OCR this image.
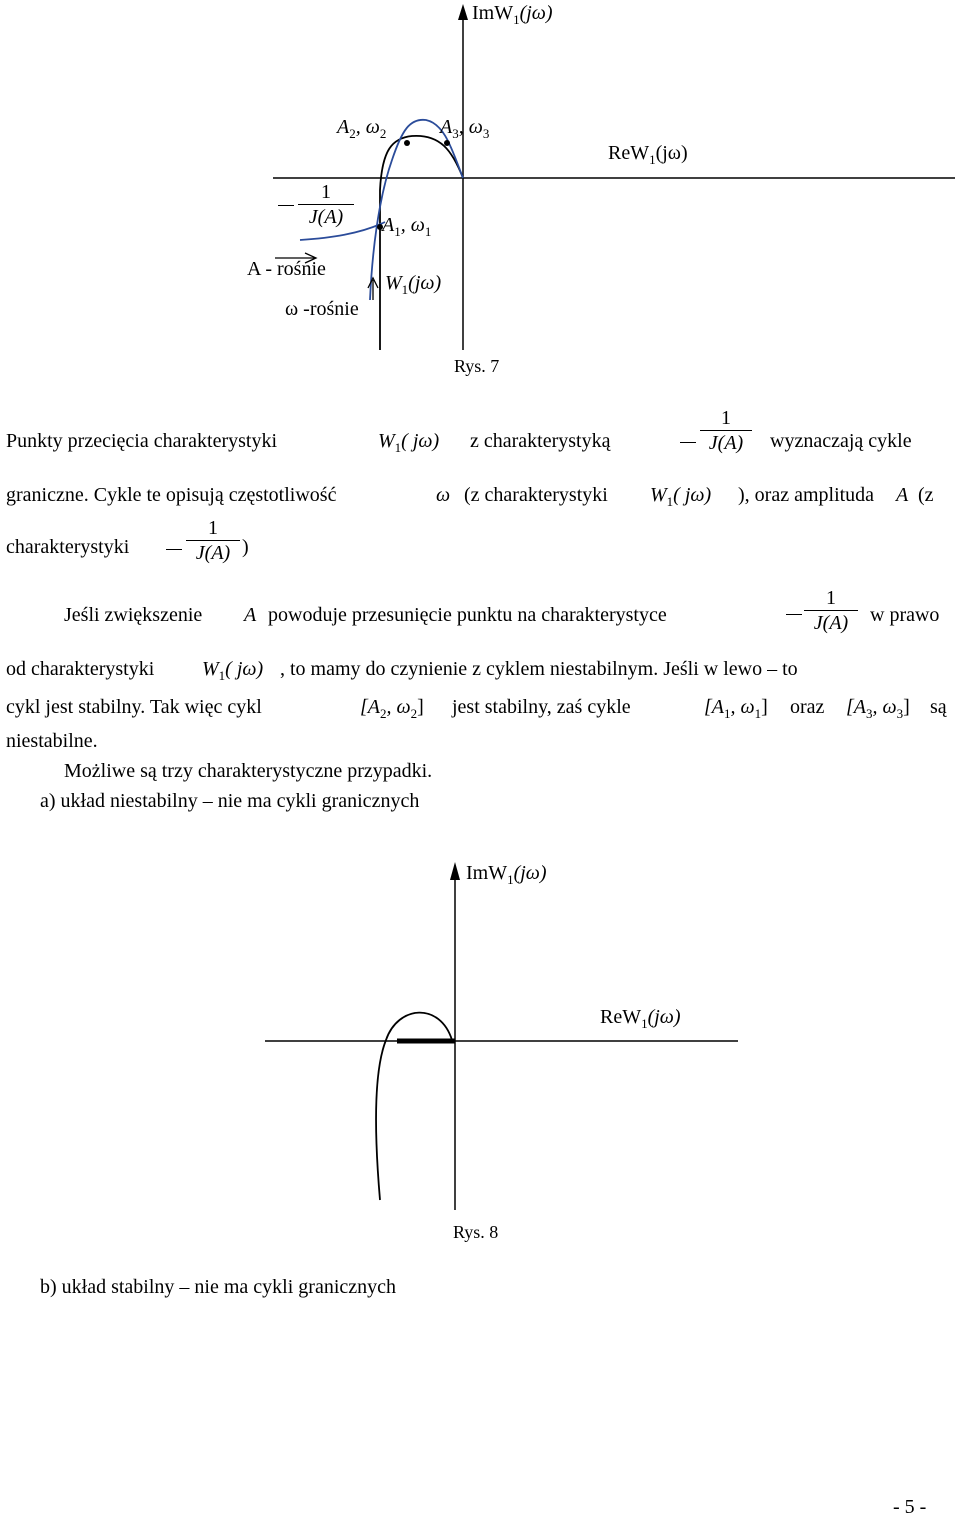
ImW$_1$(jω)
ReW$_1$(jω)
$A_2$, $\omega_2$	$A_3$, $\omega_3$
$A_1$, $\omega_1$
1
J(A)
A - rośnie
ω -rośnie
$W_1(j\omega)$
Rys. 7
Punkty przecięcia charakterystyki	$W_1$( jω) z charakterystyką
1
J(A)	wyznaczają cykle
graniczne. Cykle te opisują częstotliwość	ω (z charakterystyki $W_1$( jω) ), oraz amplituda A (z
charakterystyki
1
J(A) )
Jeśli zwiększenie A powoduje przesunięcie punktu na charakterystyce
1
J(A)	w prawo
od charakterystyki $W_1$( jω) , to mamy do czynienie z cyklem niestabilnym. Jeśli w lewo – to
cykl jest stabilny. Tak więc cykl	[$A_2$, $\omega_2$] jest stabilny, zaś cykle	[$A_1$, $\omega_1$] oraz [$A_3$, $\omega_3$] są
niestabilne.
Możliwe są trzy charakterystyczne przypadki.
a) układ niestabilny – nie ma cykli granicznych
ImW$_1$(jω)
ReW$_1$(jω)
Rys. 8
b) układ stabilny – nie ma cykli granicznych
- 5 -
